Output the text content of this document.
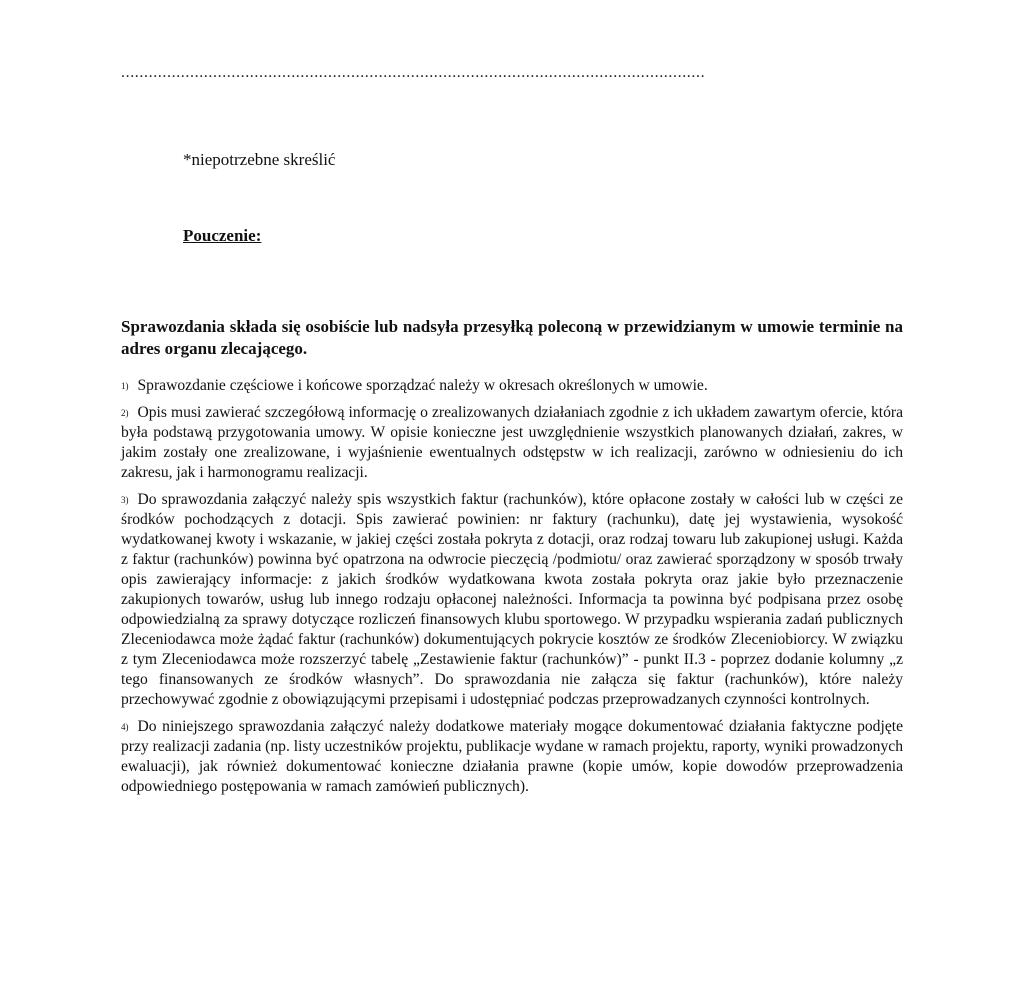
...............................................................................................................................
*niepotrzebne skreślić
Pouczenie:
Sprawozdania składa się osobiście lub nadsyła przesyłką poleconą w przewidzianym w umowie terminie na adres organu zlecającego.
1) Sprawozdanie częściowe i końcowe sporządzać należy w okresach określonych w umowie.
2) Opis musi zawierać szczegółową informację o zrealizowanych działaniach zgodnie z ich układem zawartym ofercie, która była podstawą przygotowania umowy. W opisie konieczne jest uwzględnienie wszystkich planowanych działań, zakres, w jakim zostały one zrealizowane, i wyjaśnienie ewentualnych odstępstw w ich realizacji, zarówno w odniesieniu do ich zakresu, jak i harmonogramu realizacji.
3) Do sprawozdania załączyć należy spis wszystkich faktur (rachunków), które opłacone zostały w całości lub w części ze środków pochodzących z dotacji. Spis zawierać powinien: nr faktury (rachunku), datę jej wystawienia, wysokość wydatkowanej kwoty i wskazanie, w jakiej części została pokryta z dotacji, oraz rodzaj towaru lub zakupionej usługi. Każda z faktur (rachunków) powinna być opatrzona na odwrocie pieczęcią /podmiotu/ oraz zawierać sporządzony w sposób trwały opis zawierający informacje: z jakich środków wydatkowana kwota została pokryta oraz jakie było przeznaczenie zakupionych towarów, usług lub innego rodzaju opłaconej należności. Informacja ta powinna być podpisana przez osobę odpowiedzialną za sprawy dotyczące rozliczeń finansowych klubu sportowego. W przypadku wspierania zadań publicznych Zleceniodawca może żądać faktur (rachunków) dokumentujących pokrycie kosztów ze środków Zleceniobiorcy. W związku z tym Zleceniodawca może rozszerzyć tabelę „Zestawienie faktur (rachunków)” - punkt II.3 - poprzez dodanie kolumny „z tego finansowanych ze środków własnych”. Do sprawozdania nie załącza się faktur (rachunków), które należy przechowywać zgodnie z obowiązującymi przepisami i udostępniać podczas przeprowadzanych czynności kontrolnych.
4) Do niniejszego sprawozdania załączyć należy dodatkowe materiały mogące dokumentować działania faktyczne podjęte przy realizacji zadania (np. listy uczestników projektu, publikacje wydane w ramach projektu, raporty, wyniki prowadzonych ewaluacji), jak również dokumentować konieczne działania prawne (kopie umów, kopie dowodów przeprowadzenia odpowiedniego postępowania w ramach zamówień publicznych).
